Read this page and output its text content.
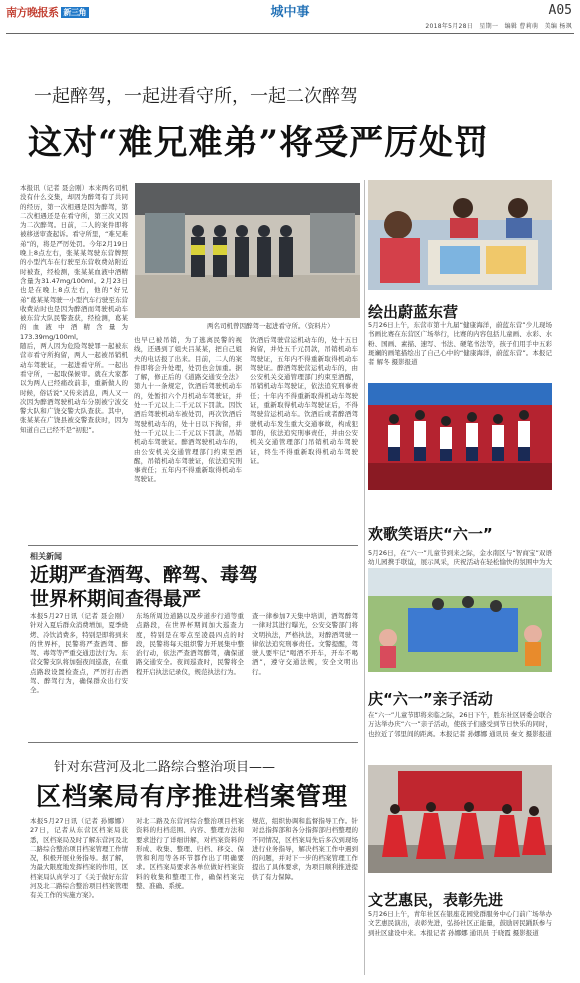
南方晚报系 新三角	城中事	A05
2018年5月28日　星期一　编辑 曹莉萌　美编 杨飒
一起醉驾，一起进看守所，一起二次醉驾
这对“难兄难弟”将受严厉处罚
本报讯（记者 聂会刚）本来两名司机没有什么交集，却因为醉驾有了共同的经历，第一次相遇是因为醉驾，第二次相遇还是在看守所，第三次又因为二次醉驾。日前，二人的案件即将被移送审查起诉。看守所里，“难兄难弟”的，将是严厉处罚。今年2月19日晚上8点左右，张某某驾驶东营牌照的小型汽车在行驶至东营收费站附近时被查，经检测，张某某血液中酒精含量为31.47mg/100ml。2月23日也是在晚上8点左右，他的“好兄弟”葛某某驾驶一小型汽车行驶至东营收费站时也是因为醉酒而驾驶机动车被东营大队民警查获，经检测，葛某的血液中酒精含量为173.39mg/100ml。
随后，两人因为危险驾驶罪一起被东营市看守所拘留，两人一起被吊销机动车驾驶证，一起进看守所。一起出看守所，一起取保候审。就在大家都以为两人已经痛改前非，重新做人的时候，俗话说“又传来消息，两人又一次因为醉酒驾驶机动车分别被宁波交警大队和广饶交警大队查获。其中，张某某在广饶县被交警查获时，因为知道自己已经不是“初犯”。
两名司机曾因醉驾一起进看守所。（资料片）
也早已被吊销，为了逃离民警的视线，还遇到了姐夫吕某某，把自己姐夫的电话报了出来。目前，二人的案件即将会升处理，处罚也会加重。据了解，修正后的《道路交通安全法》第九十一条规定，饮酒后驾驶机动车的，处暂扣六个月机动车驾驶证，并处一千元以上二千元以下罚款。因饮酒后驾驶机动车被处罚，再次饮酒后驾驶机动车的，处十日以下拘留，并处一千元以上二千元以下罚款，吊销机动车驾驶证。醉酒驾驶机动车的，由公安机关交通管理部门约束至酒醒，吊销机动车驾驶证，依法追究刑事责任；五年内不得重新取得机动车驾驶证。
饮酒后驾驶营运机动车的，处十五日拘留，并处五千元罚款，吊销机动车驾驶证，五年内不得重新取得机动车驾驶证。醉酒驾驶营运机动车的，由公安机关交通管理部门约束至酒醒，吊销机动车驾驶证，依法追究刑事责任；十年内不得重新取得机动车驾驶证，重新取得机动车驾驶证后，不得驾驶营运机动车。饮酒后或者醉酒驾驶机动车发生重大交通事故，构成犯罪的，依法追究刑事责任，并由公安机关交通管理部门吊销机动车驾驶证，终生不得重新取得机动车驾驶证。
相关新闻
近期严查酒驾、醉驾、毒驾
世界杯期间查得最严
本报5月27日讯（记者 聂会刚）针对入夏后群众消费增加，夏季烧烤、冷饮消费多，特别是即将到来的世界杯，民警将严查酒驾、醉驾、毒驾等严重交通违法行为。东营交警支队将加强夜间巡查，在重点路段设置检查点，严厉打击酒驾、醉驾行为，确保群众出行安全。
东场所周边道路以及步道步行道等重点路段，在世界杯期间加大巡查力度，特别是在零点至凌晨四点的时段，民警将每天组织警力开展集中整治行动，依法严查酒驾醉驾，确保道路交通安全。夜间巡查时，民警将全程开启执法记录仪，规范执法行为。
查一律参加7天集中培训，酒驾醉驾一律对其进行曝光，公安交警部门将文明执法，严格执法，对醉酒驾驶一律依法追究刑事责任。文警提醒，驾驶人要牢记“喝酒不开车，开车不喝酒”，遵守交通法规，安全文明出行。
针对东营河及北二路综合整治项目——
区档案局有序推进档案管理
本报5月27日讯（记者 孙娜娜）27日，记者从东营区档案局获悉，区档案局及时了解东营河及北二路综合整治项目档案管理工作情况，积极开展业务指导。据了解，为最大限度地发挥档案的作用，区档案局认真学习了《关于做好东营河及北二路综合整治项目档案管理有关工作的实施方案》。
对北二路及东营河综合整治项目档案资料的归档范围、内容、整理方法和要求进行了详细讲解，对档案资料的形成、收集、整理、归档、移交、保管和利用等各环节都作出了明确要求。区档案局要求各单位做好档案资料的收集和整理工作，确保档案完整、准确、系统。
规范，组织协调和监督指导工作。针对总指挥部和各分指挥部归档整理的不同情况，区档案局先后多次到现场进行业务指导，解决档案工作中遇到的问题，并对下一步的档案管理工作提出了具体要求，为项目顺利推进提供了有力保障。
绘出蔚蓝东营
5月26日上午，东营市第十九届“健康海洋，蔚蓝东营”少儿现场书画比赛在东营区广场举行，比赛的内容包括儿童画、水彩、水粉、国画、素描、速写、书法、硬笔书法等，孩子们用手中五彩斑斓的画笔描绘出了自己心中的“健康海洋，蔚蓝东营”。本报记者 解冬 摄影报道
欢歌笑语庆“六一”
5月26日，在“六一”儿童节到来之际，金水南区与“智商宝”双语幼儿园携手联谊，展示风采，庆祝活动在轻松愉快的氛围中为大
庆“六一”亲子活动
在“六一”儿童节即将来临之际，26日下午，胜东社区居委会联合万达举办庆“六一”亲子活动，使孩子们感受到节日快乐的同时，也拉近了邻里间的距离。本报记者 孙娜娜 通讯员 秦文 摄影报道
文艺惠民，表彰先进
5月26日上午，青年社区在银座花园党群服务中心门前广场举办文艺惠民演出，表彰先进，弘扬社区正能量，鼓励居民踊跃参与到社区建设中来。本报记者 孙娜娜 通讯员 于晓霞 摄影报道
